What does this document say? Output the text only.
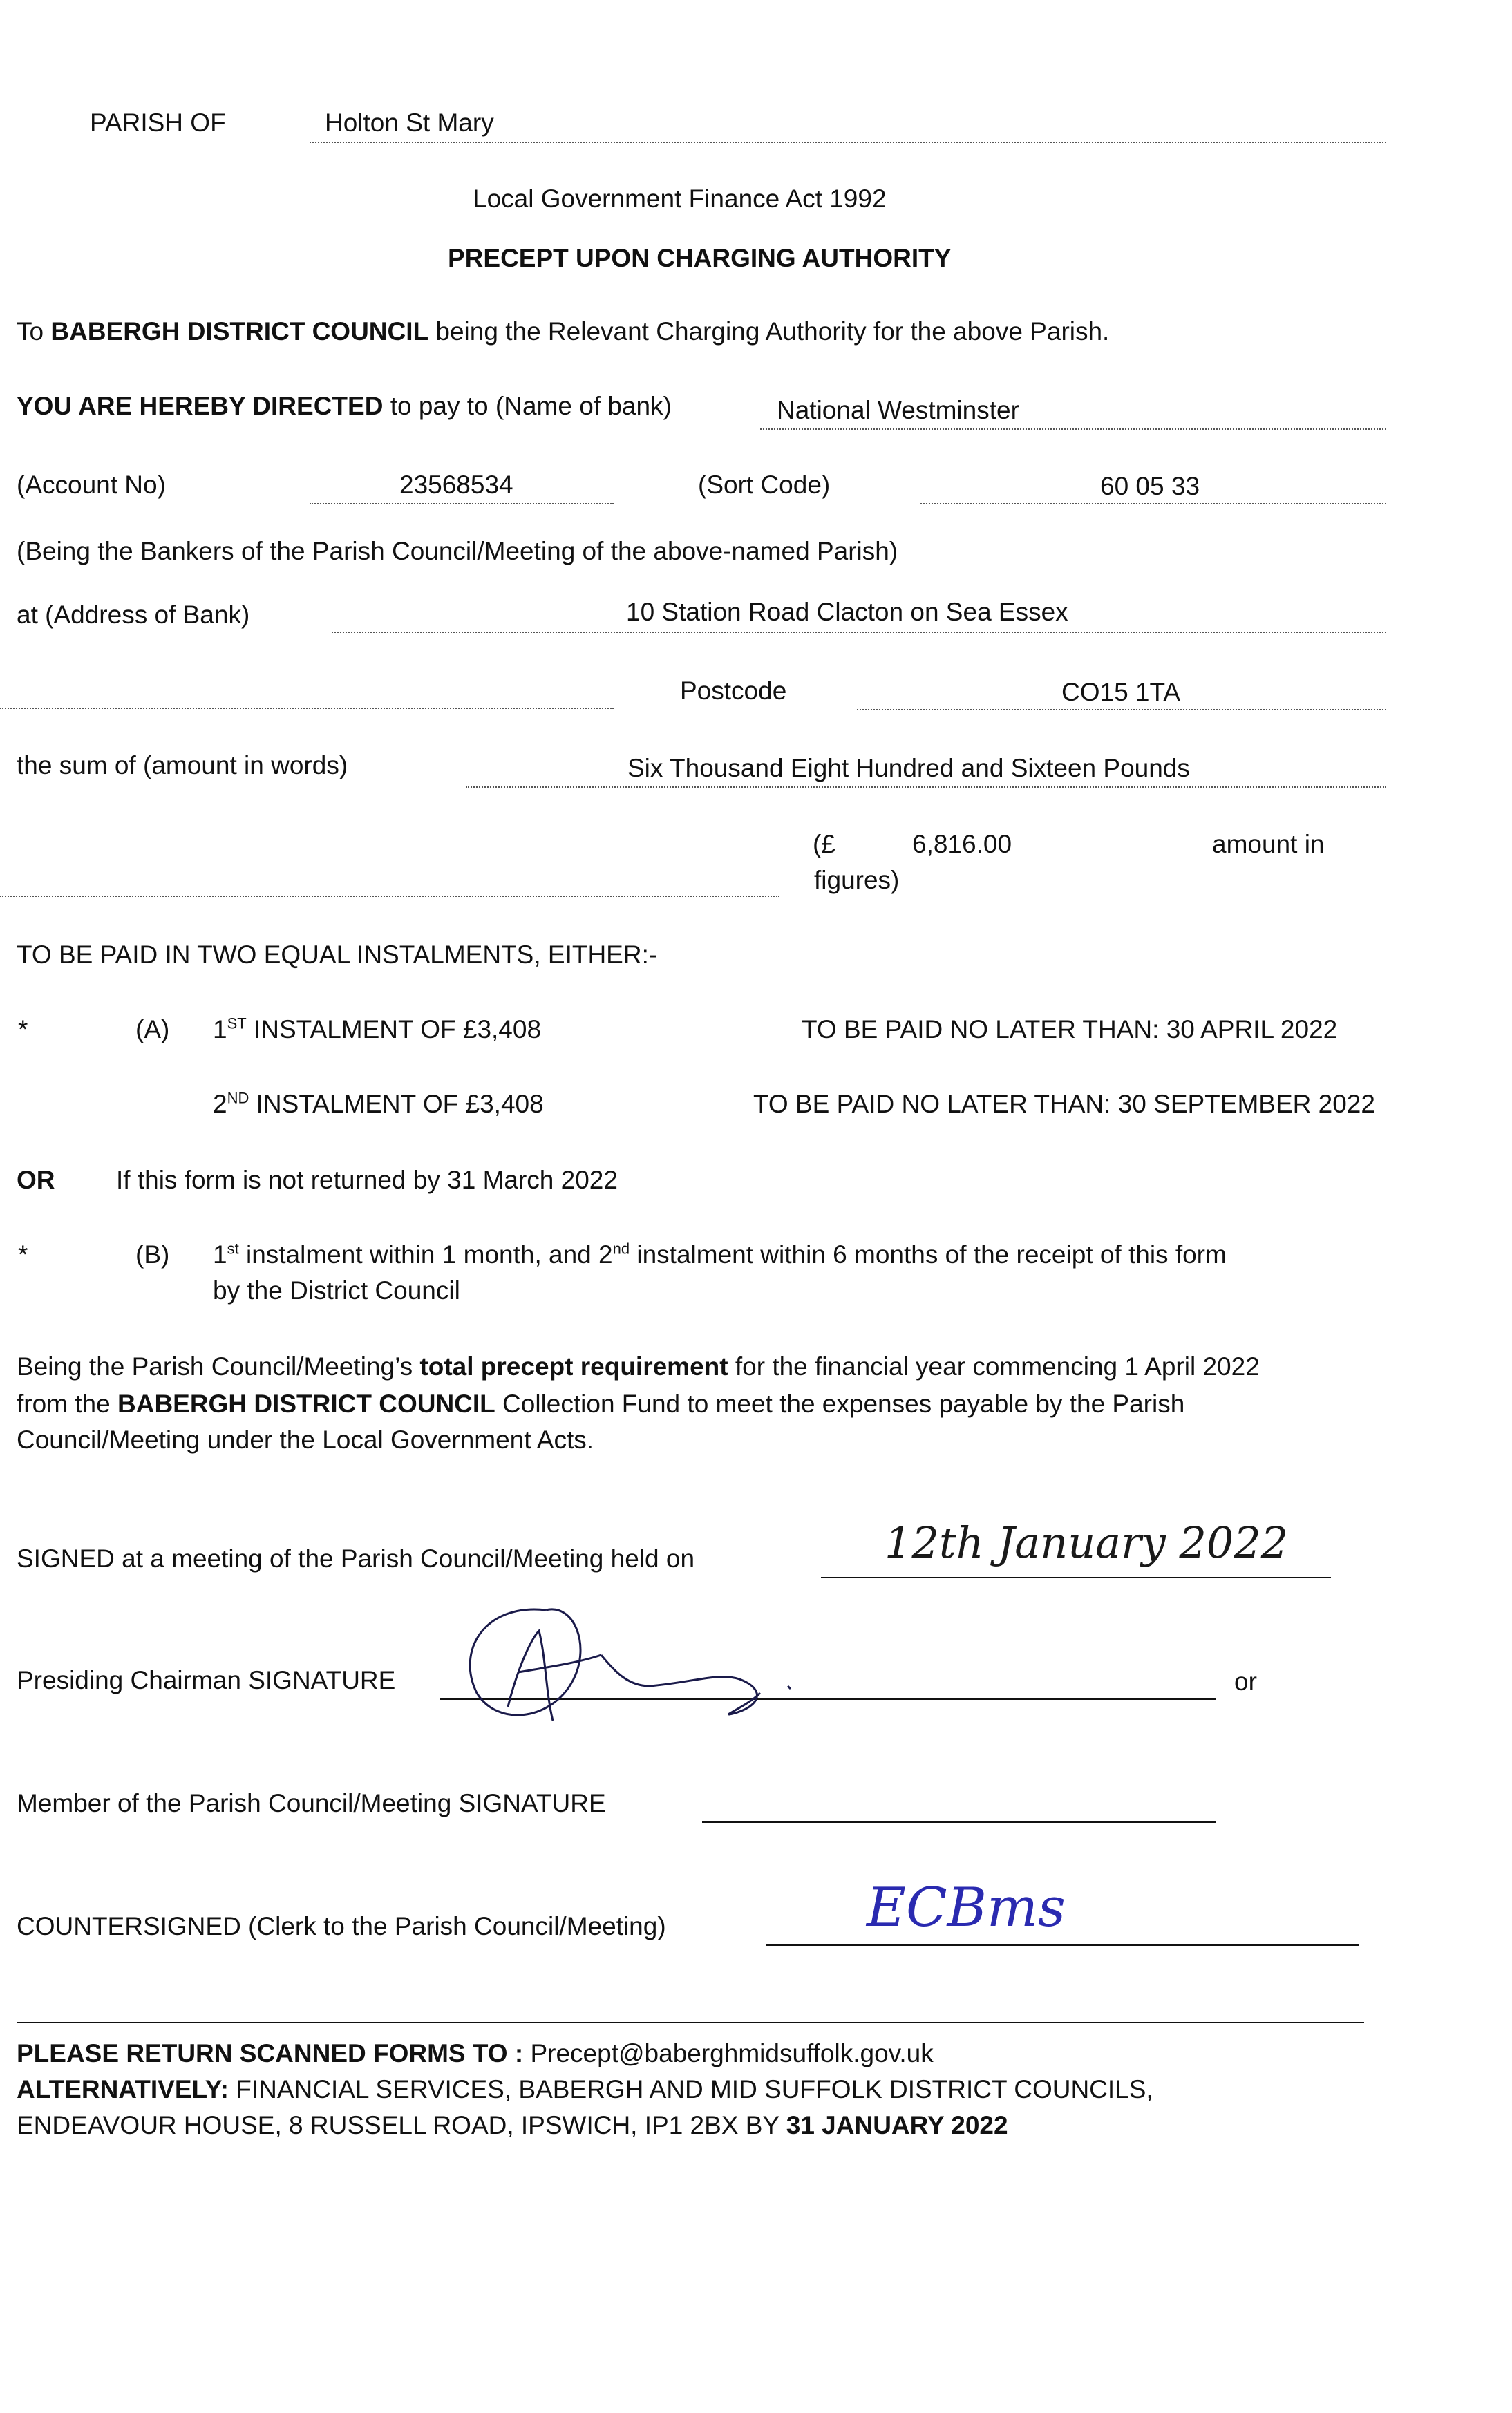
PARISH OF	Holton St Mary
Local Government Finance Act 1992
PRECEPT UPON CHARGING AUTHORITY
To BABERGH DISTRICT COUNCIL being the Relevant Charging Authority for the above Parish.
YOU ARE HEREBY DIRECTED to pay to (Name of bank)	National Westminster
(Account No)	23568534	(Sort Code)	60 05 33
(Being the Bankers of the Parish Council/Meeting of the above-named Parish)
at (Address of Bank)	10 Station Road Clacton on Sea Essex
Postcode	CO15 1TA
the sum of (amount in words)	Six Thousand Eight Hundred and Sixteen Pounds
(£	6,816.00	amount in
figures)
TO BE PAID IN TWO EQUAL INSTALMENTS, EITHER:-
*	(A) 1ST INSTALMENT OF £3,408	TO BE PAID NO LATER THAN: 30 APRIL 2022
2ND INSTALMENT OF £3,408	TO BE PAID NO LATER THAN: 30 SEPTEMBER 2022
OR If this form is not returned by 31 March 2022
*	(B) 1st instalment within 1 month, and 2nd instalment within 6 months of the receipt of this form
by the District Council
Being the Parish Council/Meeting’s total precept requirement for the financial year commencing 1 April 2022
from the BABERGH DISTRICT COUNCIL Collection Fund to meet the expenses payable by the Parish
Council/Meeting under the Local Government Acts.
SIGNED at a meeting of the Parish Council/Meeting held on	12th January 2022
Presiding Chairman SIGNATURE	or
Member of the Parish Council/Meeting SIGNATURE
COUNTERSIGNED (Clerk to the Parish Council/Meeting)	ECBms
PLEASE RETURN SCANNED FORMS TO : Precept@baberghmidsuffolk.gov.uk
ALTERNATIVELY: FINANCIAL SERVICES, BABERGH AND MID SUFFOLK DISTRICT COUNCILS,
ENDEAVOUR HOUSE, 8 RUSSELL ROAD, IPSWICH, IP1 2BX BY 31 JANUARY 2022
